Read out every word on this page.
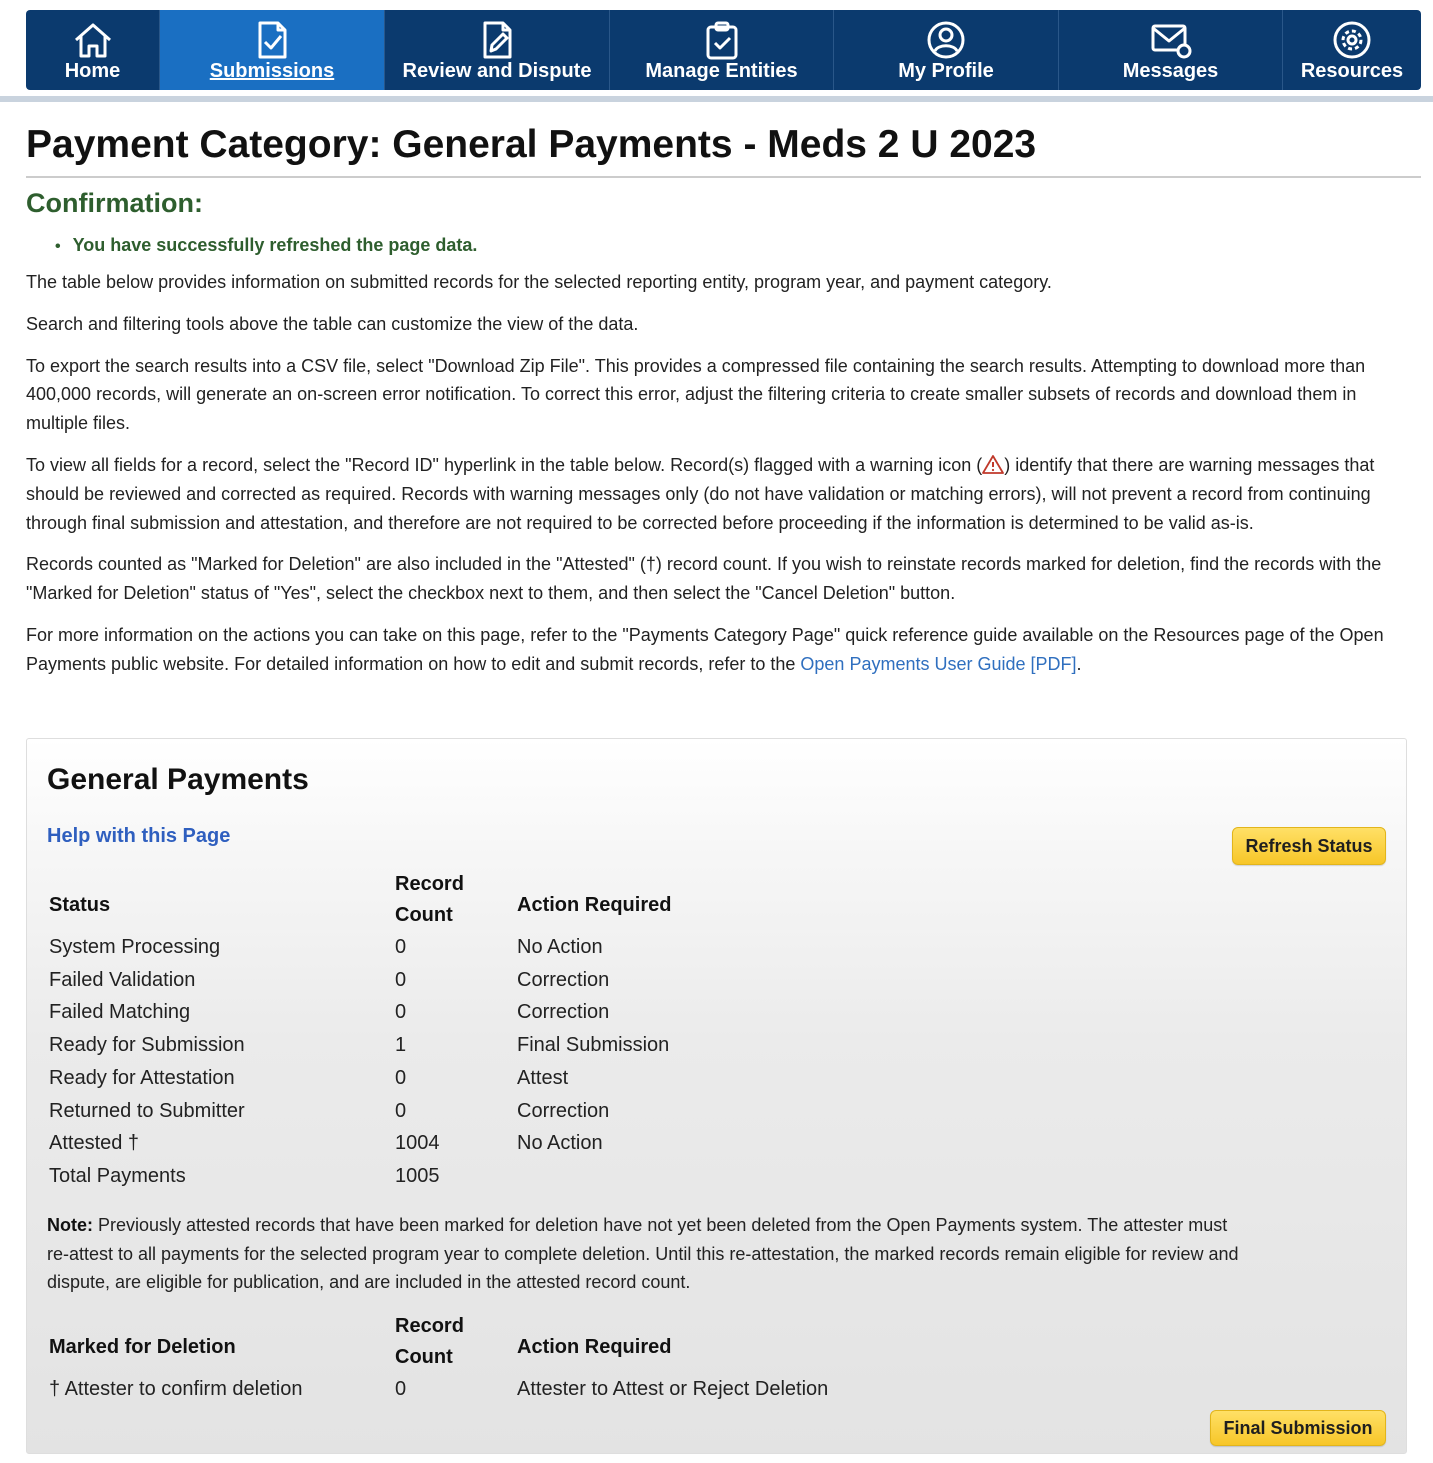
Home	Submissions	Review and Dispute	Manage Entities	My Profile	Messages	Resources
Payment Category: General Payments - Meds 2 U 2023
Confirmation:
• You have successfully refreshed the page data.

The table below provides information on submitted records for the selected reporting entity, program year, and payment category.

Search and filtering tools above the table can customize the view of the data.

To export the search results into a CSV file, select "Download Zip File". This provides a compressed file containing the search results. Attempting to download more than 400,000 records, will generate an on-screen error notification. To correct this error, adjust the filtering criteria to create smaller subsets of records and download them in multiple files.

To view all fields for a record, select the "Record ID" hyperlink in the table below. Record(s) flagged with a warning icon ( ) identify that there are warning messages that should be reviewed and corrected as required. Records with warning messages only (do not have validation or matching errors), will not prevent a record from continuing through final submission and attestation, and therefore are not required to be corrected before proceeding if the information is determined to be valid as-is.

Records counted as "Marked for Deletion" are also included in the "Attested" (†) record count. If you wish to reinstate records marked for deletion, find the records with the "Marked for Deletion" status of "Yes", select the checkbox next to them, and then select the "Cancel Deletion" button.

For more information on the actions you can take on this page, refer to the "Payments Category Page" quick reference guide available on the Resources page of the Open Payments public website. For detailed information on how to edit and submit records, refer to the Open Payments User Guide [PDF].

General Payments
Help with this Page	Refresh Status
Status	Record Count	Action Required
System Processing	0	No Action
Failed Validation	0	Correction
Failed Matching	0	Correction
Ready for Submission	1	Final Submission
Ready for Attestation	0	Attest
Returned to Submitter	0	Correction
Attested †	1004	No Action
Total Payments	1005	

Note: Previously attested records that have been marked for deletion have not yet been deleted from the Open Payments system. The attester must re-attest to all payments for the selected program year to complete deletion. Until this re-attestation, the marked records remain eligible for review and dispute, are eligible for publication, and are included in the attested record count.

Marked for Deletion	Record Count	Action Required
† Attester to confirm deletion	0	Attester to Attest or Reject Deletion
Final Submission
